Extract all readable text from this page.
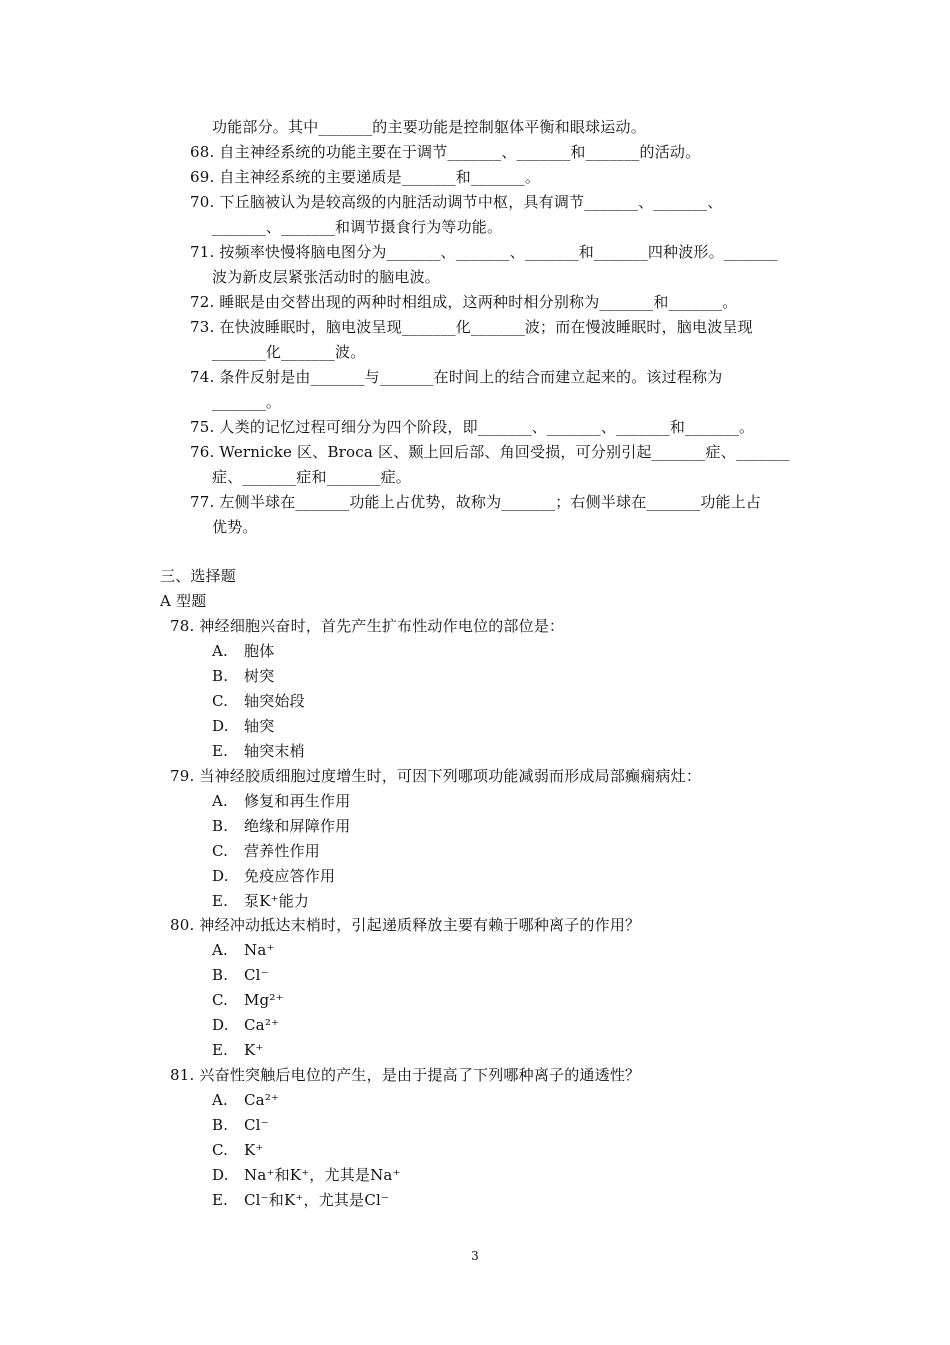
功能部分。其中_______的主要功能是控制躯体平衡和眼球运动。
68. 自主神经系统的功能主要在于调节_______、_______和_______的活动。
69. 自主神经系统的主要递质是_______和_______。
70. 下丘脑被认为是较高级的内脏活动调节中枢，具有调节_______、_______、
_______、_______和调节摄食行为等功能。
71. 按频率快慢将脑电图分为_______、_______、_______和_______四种波形。_______
波为新皮层紧张活动时的脑电波。
72. 睡眠是由交替出现的两种时相组成，这两种时相分别称为_______和_______。
73. 在快波睡眠时，脑电波呈现_______化_______波；而在慢波睡眠时，脑电波呈现
_______化_______波。
74. 条件反射是由_______与_______在时间上的结合而建立起来的。该过程称为
_______。
75. 人类的记忆过程可细分为四个阶段，即_______、_______、_______和_______。
76. Wernicke 区、Broca 区、颞上回后部、角回受损，可分别引起_______症、_______
症、_______症和_______症。
77. 左侧半球在_______功能上占优势，故称为_______；右侧半球在_______功能上占
优势。
三、选择题
A 型题
78. 神经细胞兴奋时，首先产生扩布性动作电位的部位是：
A. 胞体
B. 树突
C. 轴突始段
D. 轴突
E. 轴突末梢
79. 当神经胶质细胞过度增生时，可因下列哪项功能减弱而形成局部癫痫病灶：
A. 修复和再生作用
B. 绝缘和屏障作用
C. 营养性作用
D. 免疫应答作用
E. 泵K⁺能力
80. 神经冲动抵达末梢时，引起递质释放主要有赖于哪种离子的作用？
A. Na⁺
B. Cl⁻
C. Mg²⁺
D. Ca²⁺
E. K⁺
81. 兴奋性突触后电位的产生，是由于提高了下列哪种离子的通透性？
A. Ca²⁺
B. Cl⁻
C. K⁺
D. Na⁺和K⁺，尤其是Na⁺
E. Cl⁻和K⁺，尤其是Cl⁻
3
